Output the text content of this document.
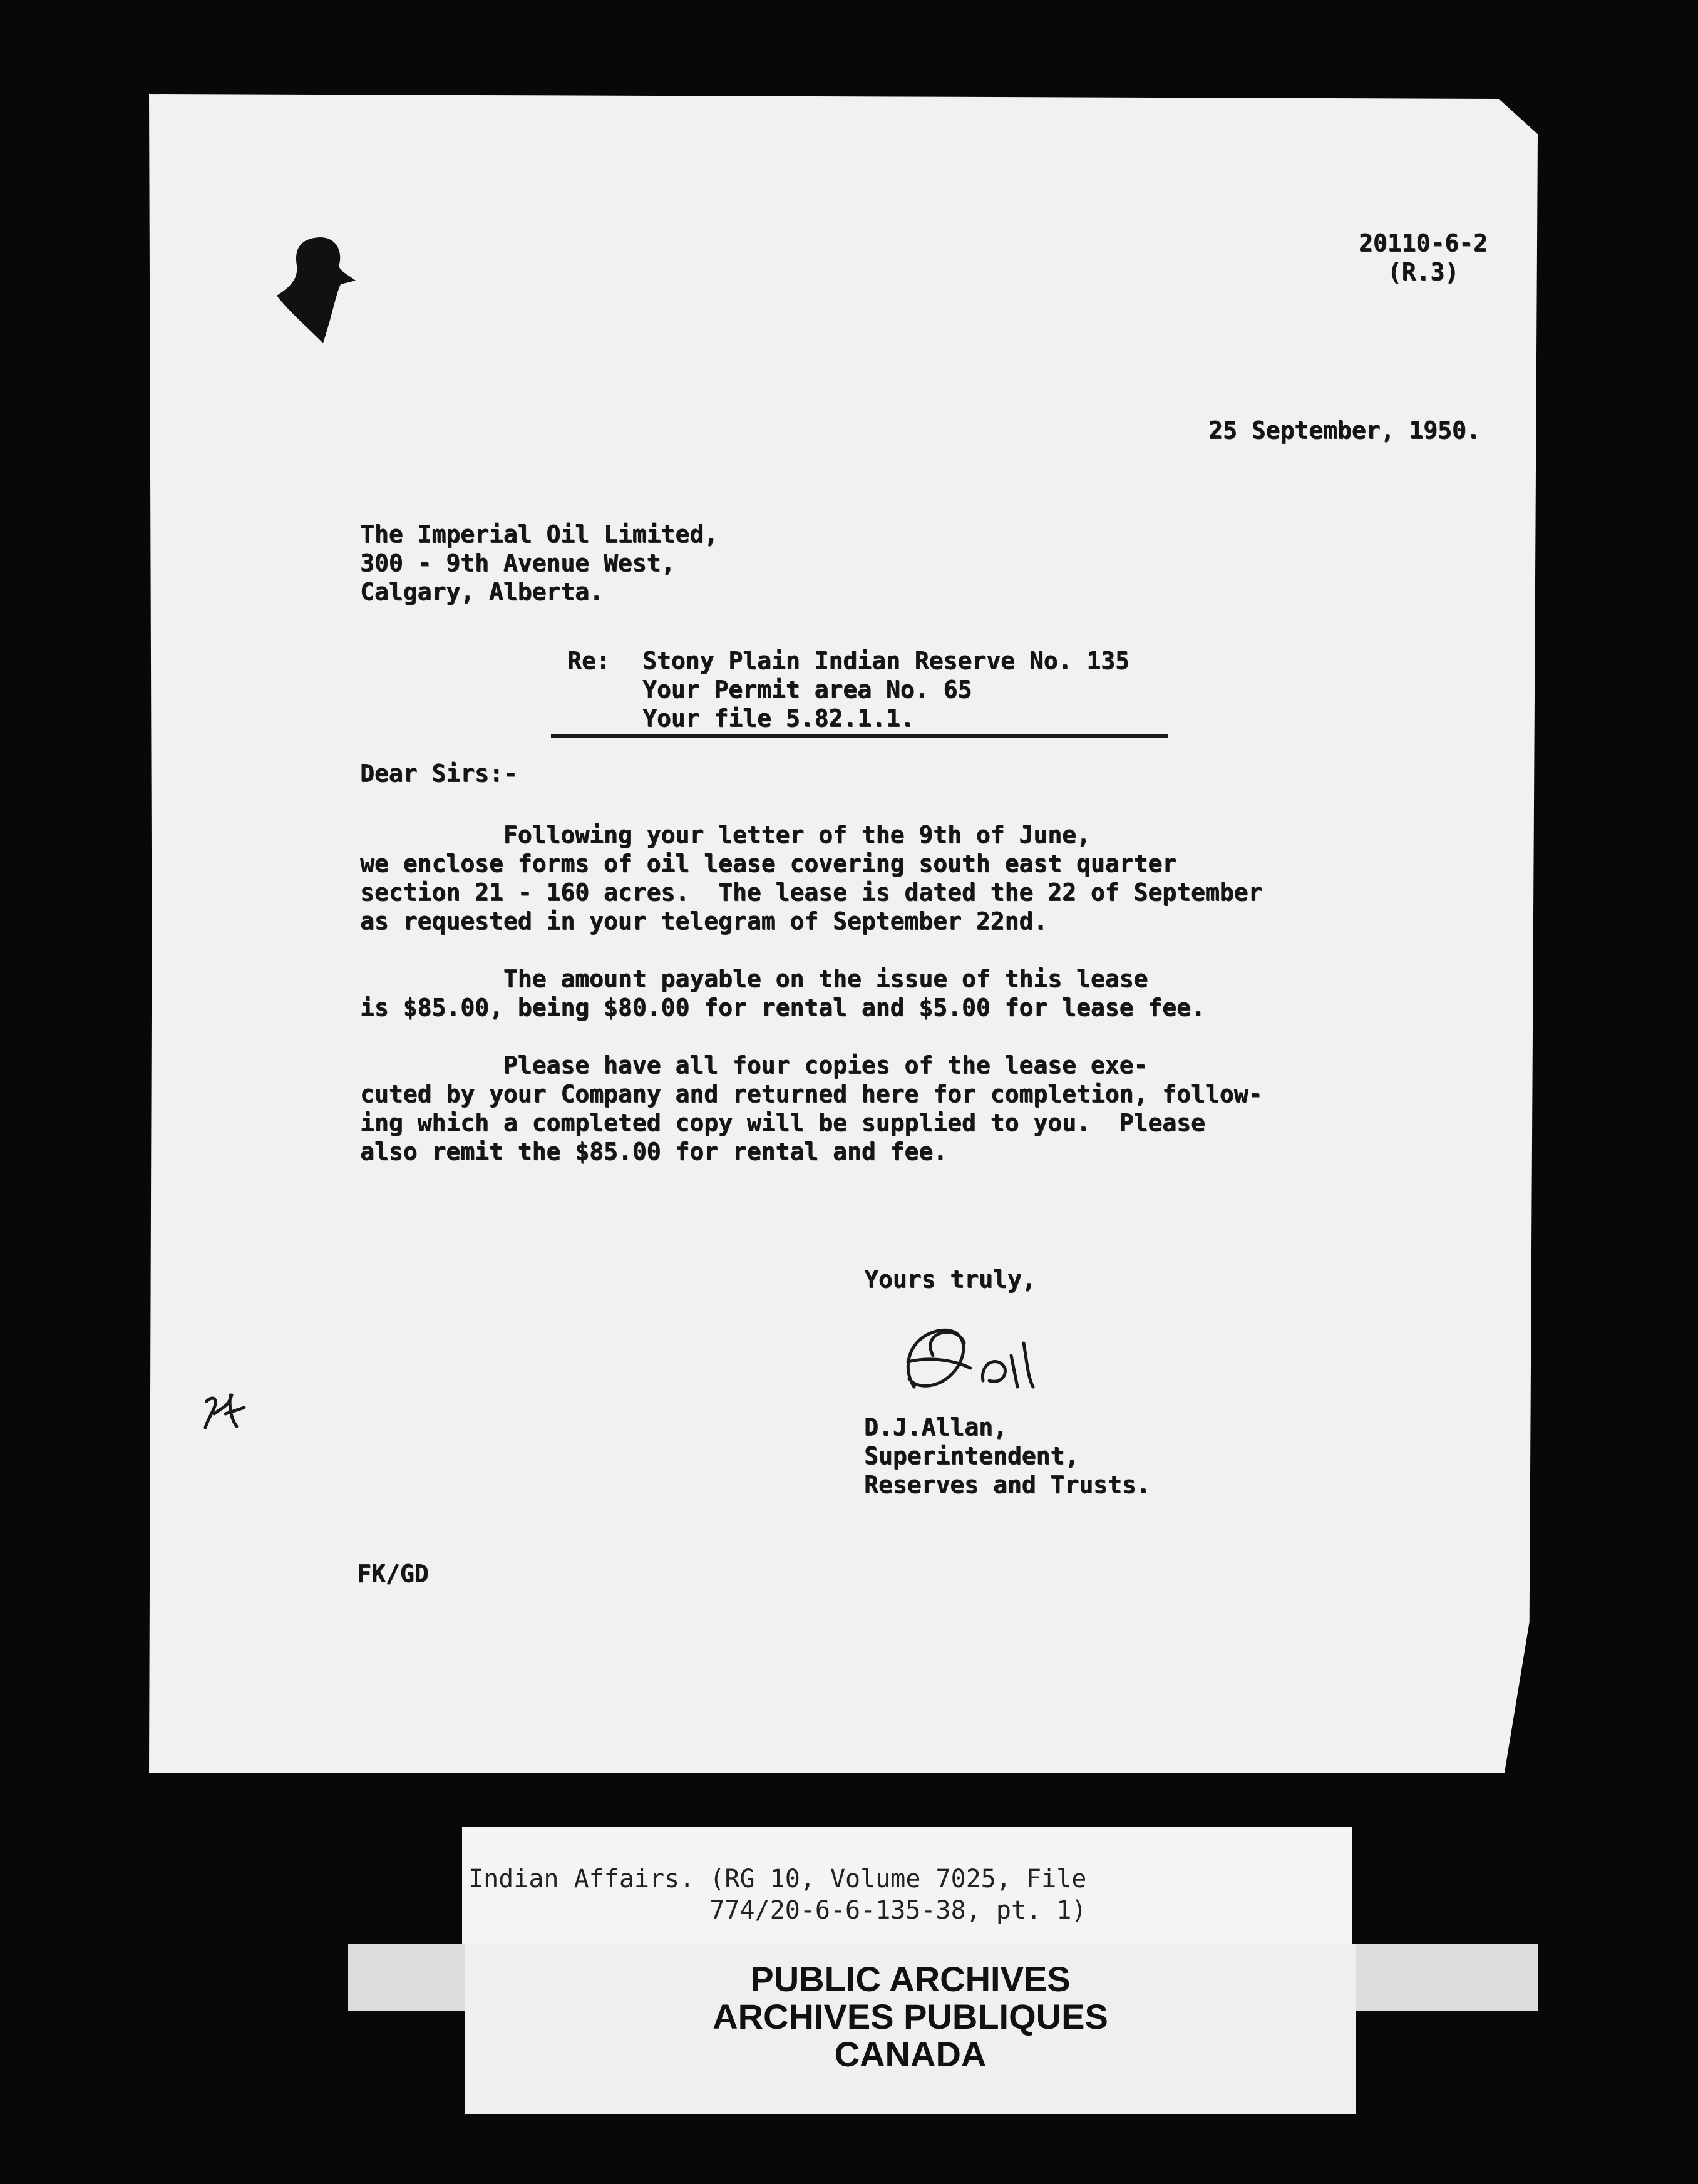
20110-6-2
(R.3)
25 September, 1950.
The Imperial Oil Limited,
300 - 9th Avenue West,
Calgary, Alberta.
Re: Stony Plain Indian Reserve No. 135
Your Permit area No. 65
Your file 5.82.1.1.
Dear Sirs:-
Following your letter of the 9th of June,
we enclose forms of oil lease covering south east quarter
section 21 - 160 acres.  The lease is dated the 22 of September
as requested in your telegram of September 22nd.

The amount payable on the issue of this lease
is $85.00, being $80.00 for rental and $5.00 for lease fee.

Please have all four copies of the lease exe-
cuted by your Company and returned here for completion, follow-
ing which a completed copy will be supplied to you.  Please
also remit the $85.00 for rental and fee.
Yours truly,
D.J.Allan,
Superintendent,
Reserves and Trusts.
FK/GD
Indian Affairs. (RG 10, Volume 7025, File
774/20-6-6-135-38, pt. 1)

PUBLIC ARCHIVES

ARCHIVES PUBLIQUES

CANADA
